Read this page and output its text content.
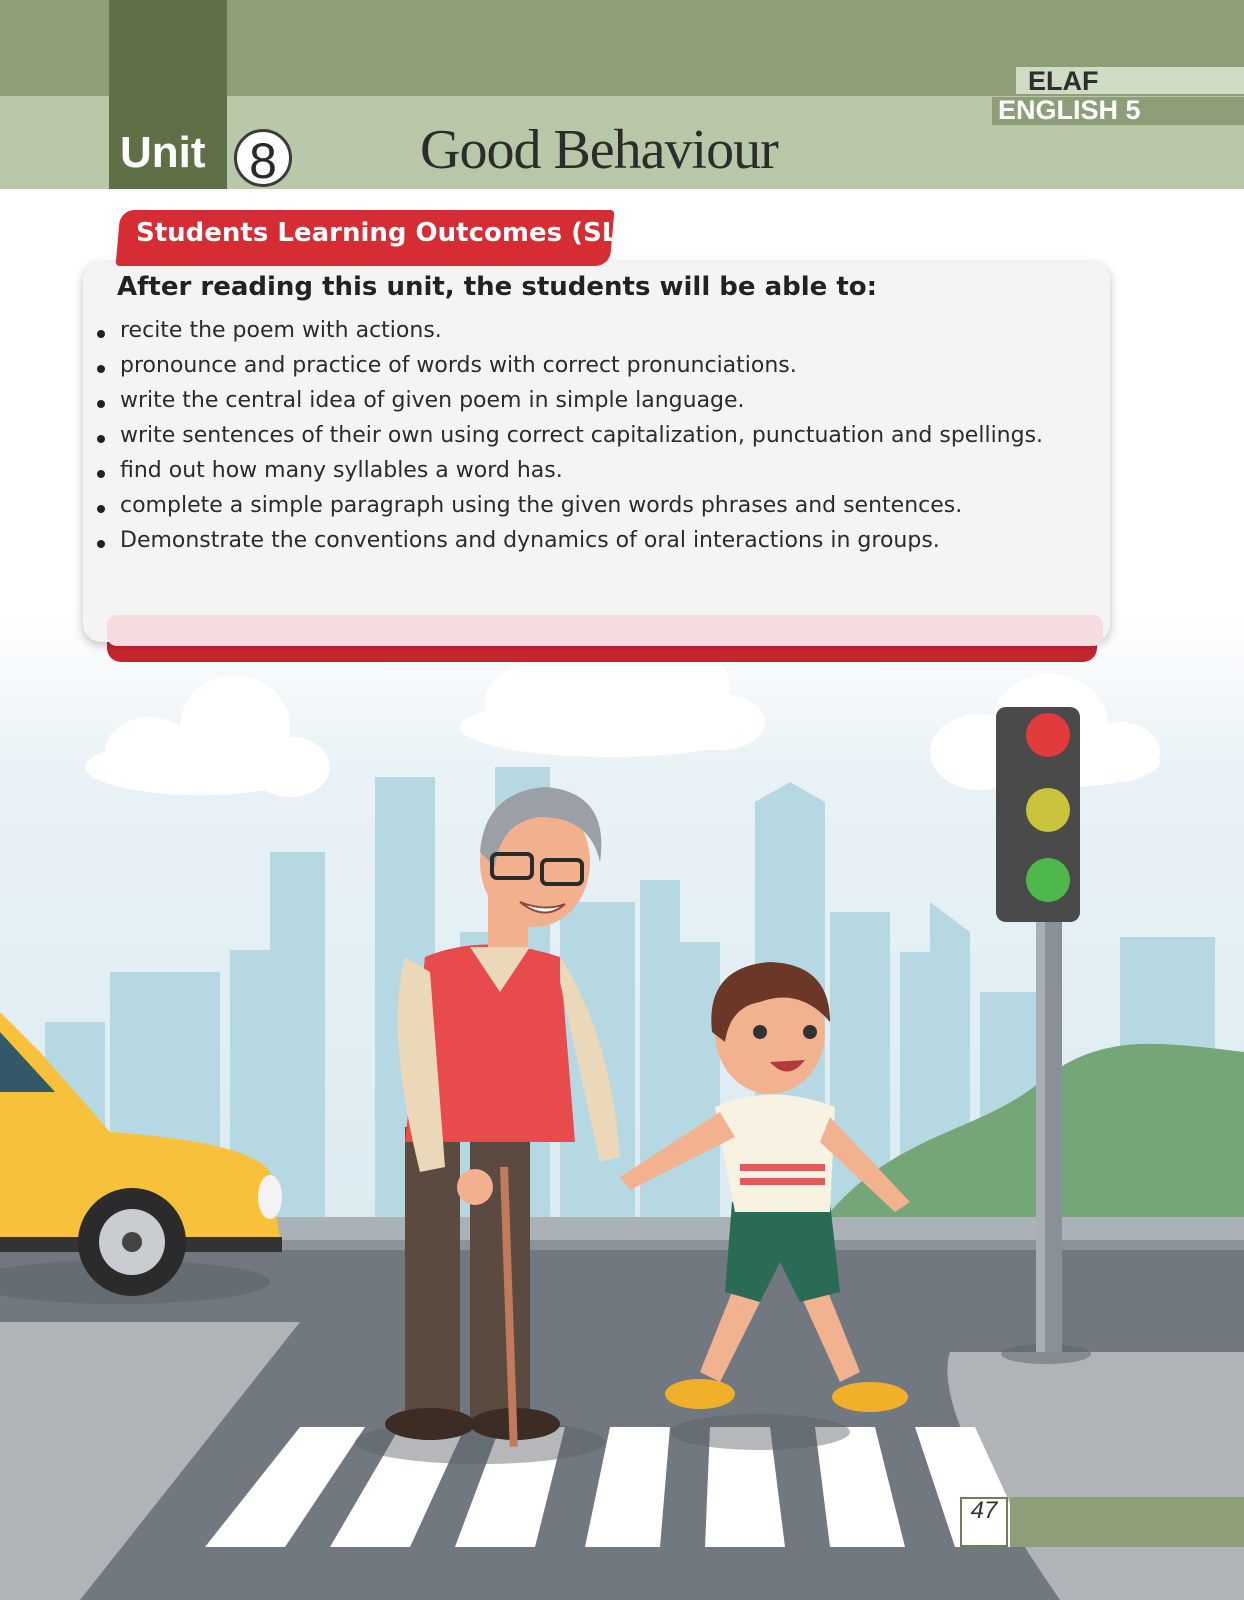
Unit 8	Good Behaviour
ELAF
ENGLISH 5
Students Learning Outcomes (SLOs)
After reading this unit, the students will be able to:
recite the poem with actions.
pronounce and practice of words with correct pronunciations.
write the central idea of given poem in simple language.
write sentences of their own using correct capitalization, punctuation and spellings.
find out how many syllables a word has.
complete a simple paragraph using the given words phrases and sentences.
Demonstrate the conventions and dynamics of oral interactions in groups.
47
